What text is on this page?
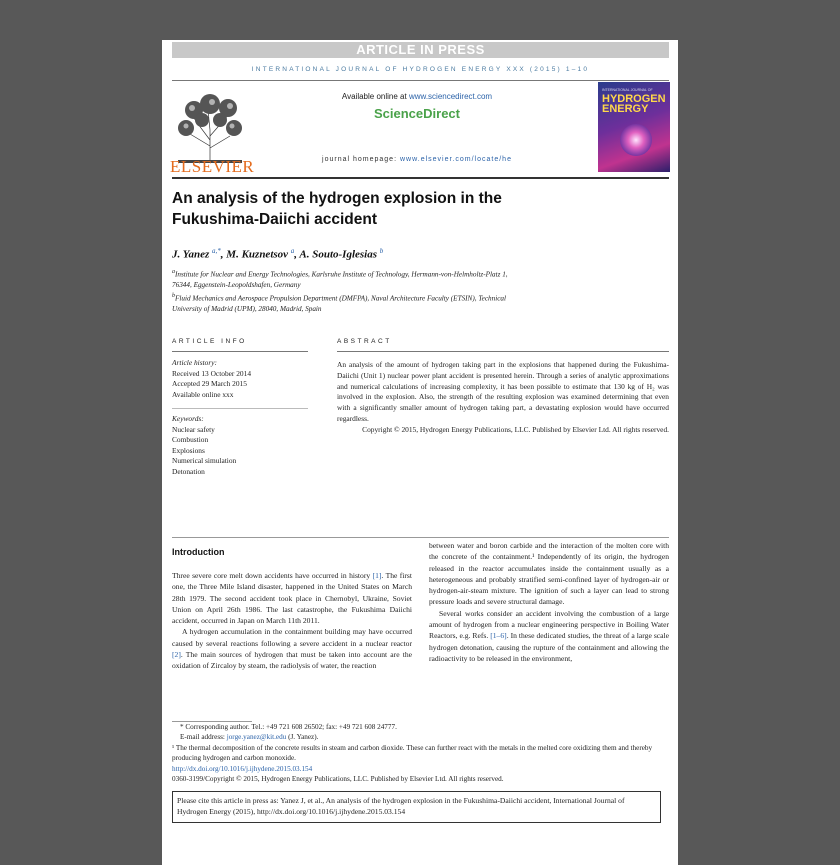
ARTICLE IN PRESS
INTERNATIONAL JOURNAL OF HYDROGEN ENERGY XXX (2015) 1–10
ELSEVIER
Available online at www.sciencedirect.com
ScienceDirect
journal homepage: www.elsevier.com/locate/he
INTERNATIONAL JOURNAL OF
HYDROGEN
ENERGY
An analysis of the hydrogen explosion in the
Fukushima-Daiichi accident
J. Yanez $^{a,*}$, M. Kuznetsov $^a$, A. Souto-Iglesias $^b$
$^a$Institute for Nuclear and Energy Technologies, Karlsruhe Institute of Technology, Hermann-von-Helmholtz-Platz 1,
76344, Eggenstein-Leopoldshafen, Germany
$^b$Fluid Mechanics and Aerospace Propulsion Department (DMFPA), Naval Architecture Faculty (ETSIN), Technical
University of Madrid (UPM), 28040, Madrid, Spain
ARTICLE INFO
Article history:
Received 13 October 2014
Accepted 29 March 2015
Available online xxx
Keywords:
Nuclear safety
Combustion
Explosions
Numerical simulation
Detonation
ABSTRACT
An analysis of the amount of hydrogen taking part in the explosions that happened during the Fukushima-Daiichi (Unit 1) nuclear power plant accident is presented herein. Through a series of analytic approximations and numerical calculations of increasing complexity, it has been possible to estimate that 130 kg of H₂ was involved in the explosion. Also, the strength of the resulting explosion was examined determining that even with a significantly smaller amount of hydrogen taking part, a devastating explosion would have occurred regardless.
Copyright © 2015, Hydrogen Energy Publications, LLC. Published by Elsevier Ltd. All rights reserved.
Introduction

Three severe core melt down accidents have occurred in history [1]. The first one, the Three Mile Island disaster, happened in the United States on March 28th 1979. The second accident took place in Chernobyl, Ukraine, Soviet Union on April 26th 1986. The last catastrophe, the Fukushima Daiichi accident, occurred in Japan on March 11th 2011.

A hydrogen accumulation in the containment building may have occurred caused by several reactions following a severe accident in a nuclear reactor [2]. The main sources of hydrogen that must be taken into account are the oxidation of Zircaloy by steam, the radiolysis of water, the reaction

between water and boron carbide and the interaction of the molten core with the concrete of the containment.¹ Independently of its origin, the hydrogen released in the reactor accumulates inside the containment usually as a heterogeneous and probably stratified semi-confined layer of hydrogen-air or hydrogen-air-steam mixture. The ignition of such a layer can lead to strong pressure loads and severe structural damage.

Several works consider an accident involving the combustion of a large amount of hydrogen from a nuclear engineering perspective in Boiling Water Reactors, e.g. Refs. [1–6]. In these dedicated studies, the threat of a large scale hydrogen detonation, causing the rupture of the containment and allowing the radioactivity to be released in the environment,

* Corresponding author. Tel.: +49 721 608 26502; fax: +49 721 608 24777.
E-mail address: jorge.yanez@kit.edu (J. Yanez).
¹ The thermal decomposition of the concrete results in steam and carbon dioxide. These can further react with the metals in the melted core oxidizing them and thereby producing hydrogen and carbon monoxide.
http://dx.doi.org/10.1016/j.ijhydene.2015.03.154
0360-3199/Copyright © 2015, Hydrogen Energy Publications, LLC. Published by Elsevier Ltd. All rights reserved.
Please cite this article in press as: Yanez J, et al., An analysis of the hydrogen explosion in the Fukushima-Daiichi accident, International Journal of Hydrogen Energy (2015), http://dx.doi.org/10.1016/j.ijhydene.2015.03.154
